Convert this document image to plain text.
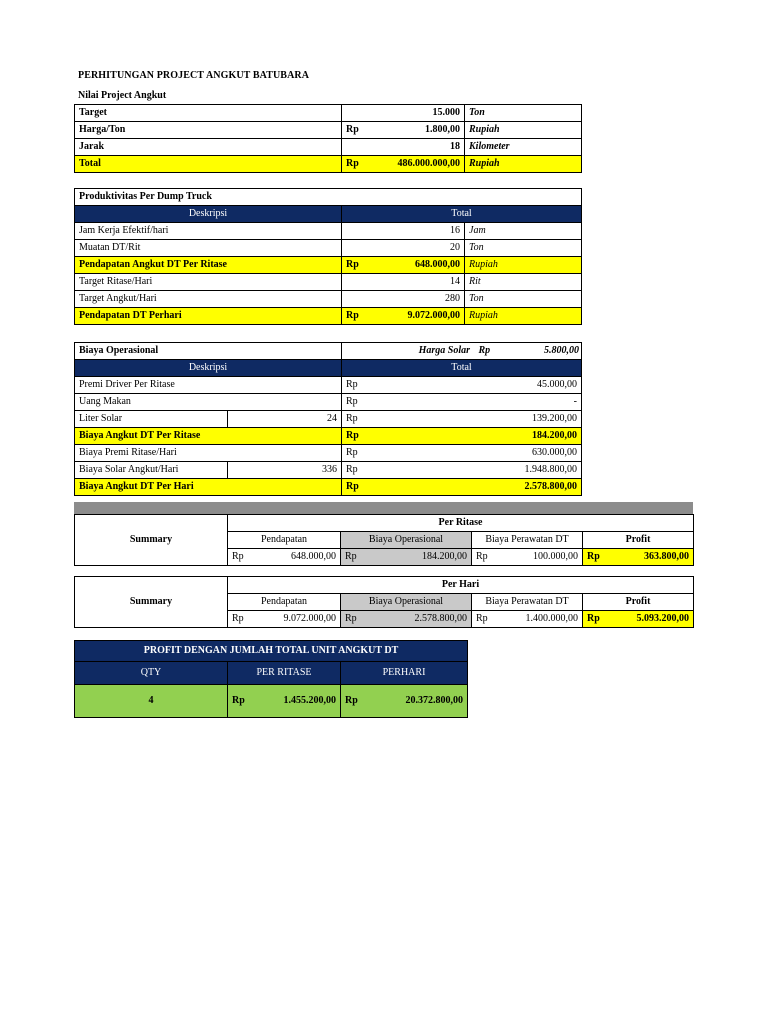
PERHITUNGAN PROJECT ANGKUT BATUBARA
Nilai Project Angkut
Target	15.000	Ton
Harga/Ton	Rp 1.800,00	Rupiah
Jarak	18	Kilometer
Total	Rp 486.000.000,00	Rupiah
Produktivitas Per Dump Truck		
Deskripsi	Total	
Jam Kerja Efektif/hari	16	Jam
Muatan DT/Rit	20	Ton
Pendapatan Angkut DT Per Ritase	Rp 648.000,00	Rupiah
Target Ritase/Hari	14	Rit
Target Angkut/Hari	280	Ton
Pendapatan DT Perhari	Rp 9.072.000,00	Rupiah
Biaya Operasional		Harga Solar Rp 5.800,00
Deskripsi		Total
Premi Driver Per Ritase		Rp 45.000,00

Uang Makan		Rp -

Liter Solar	24	Rp 139.200,00

Biaya Angkut DT Per Ritase		Rp 184.200,00

Biaya Premi Ritase/Hari		Rp 630.000,00

Biaya Solar Angkut/Hari	336	Rp 1.948.800,00

Biaya Angkut DT Per Hari		Rp 2.578.800,00
Summary	Per Ritase			
	Pendapatan	Biaya Operasional	Biaya Perawatan DT	Profit

	Rp 648.000,00	Rp 184.200,00	Rp 100.000,00	Rp 363.800,00
Summary	Per Hari			
	Pendapatan	Biaya Operasional	Biaya Perawatan DT	Profit

	Rp 9.072.000,00	Rp 2.578.800,00	Rp 1.400.000,00	Rp 5.093.200,00
PROFIT DENGAN JUMLAH TOTAL UNIT ANGKUT DT		
QTY	PER RITASE	PERHARI
4	Rp 1.455.200,00	Rp 20.372.800,00
